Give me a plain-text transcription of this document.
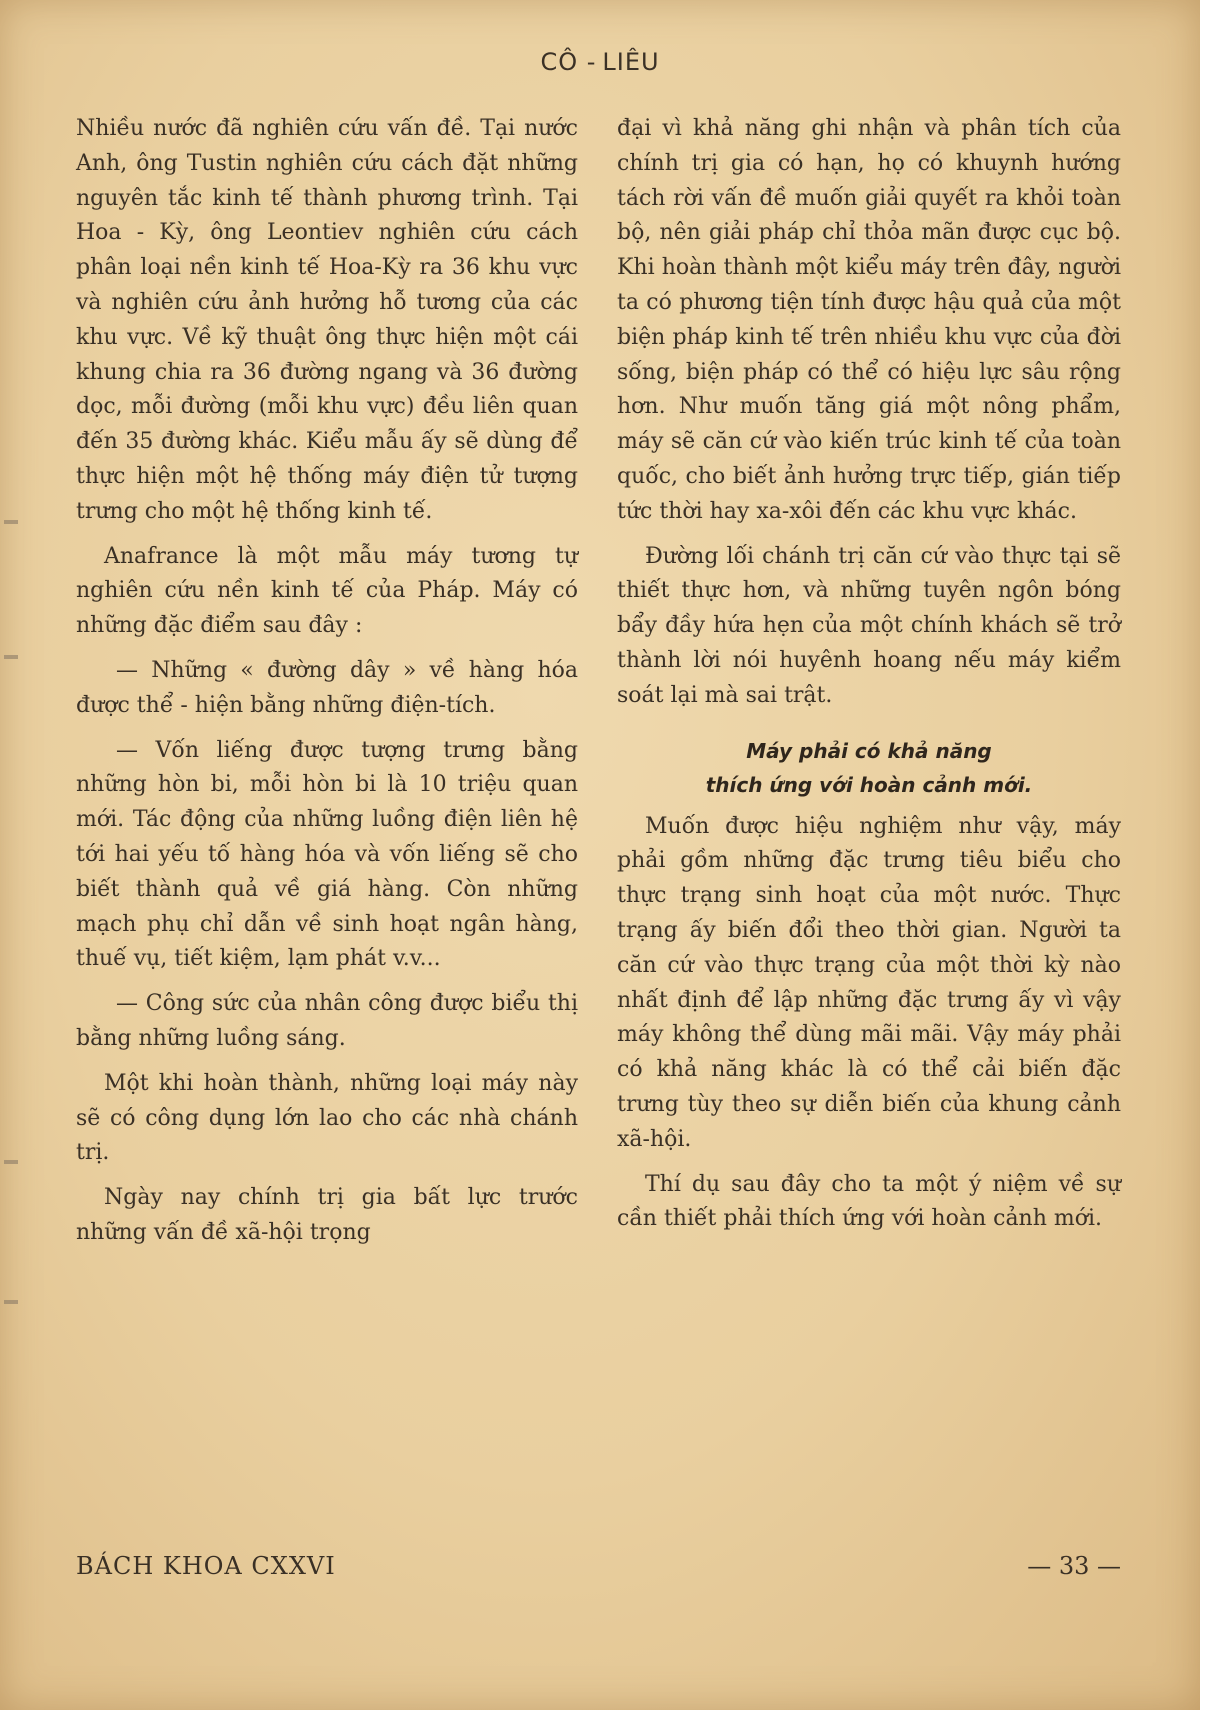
CÔ - LIÊU

Nhiều nước đã nghiên cứu vấn đề. Tại nước Anh, ông Tustin nghiên cứu cách đặt những nguyên tắc kinh tế thành phương trình. Tại Hoa - Kỳ, ông Leontiev nghiên cứu cách phân loại nền kinh tế Hoa-Kỳ ra 36 khu vực và nghiên cứu ảnh hưởng hỗ tương của các khu vực. Về kỹ thuật ông thực hiện một cái khung chia ra 36 đường ngang và 36 đường dọc, mỗi đường (mỗi khu vực) đều liên quan đến 35 đường khác. Kiểu mẫu ấy sẽ dùng để thực hiện một hệ thống máy điện tử tượng trưng cho một hệ thống kinh tế.

Anafrance là một mẫu máy tương tự nghiên cứu nền kinh tế của Pháp. Máy có những đặc điểm sau đây :

— Những « đường dây » về hàng hóa được thể - hiện bằng những điện-tích.

— Vốn liếng được tượng trưng bằng những hòn bi, mỗi hòn bi là 10 triệu quan mới. Tác động của những luồng điện liên hệ tới hai yếu tố hàng hóa và vốn liếng sẽ cho biết thành quả về giá hàng. Còn những mạch phụ chỉ dẫn về sinh hoạt ngân hàng, thuế vụ, tiết kiệm, lạm phát v.v...

— Công sức của nhân công được biểu thị bằng những luồng sáng.

Một khi hoàn thành, những loại máy này sẽ có công dụng lớn lao cho các nhà chánh trị.

Ngày nay chính trị gia bất lực trước những vấn đề xã-hội trọng

đại vì khả năng ghi nhận và phân tích của chính trị gia có hạn, họ có khuynh hướng tách rời vấn đề muốn giải quyết ra khỏi toàn bộ, nên giải pháp chỉ thỏa mãn được cục bộ. Khi hoàn thành một kiểu máy trên đây, người ta có phương tiện tính được hậu quả của một biện pháp kinh tế trên nhiều khu vực của đời sống, biện pháp có thể có hiệu lực sâu rộng hơn. Như muốn tăng giá một nông phẩm, máy sẽ căn cứ vào kiến trúc kinh tế của toàn quốc, cho biết ảnh hưởng trực tiếp, gián tiếp tức thời hay xa-xôi đến các khu vực khác.

Đường lối chánh trị căn cứ vào thực tại sẽ thiết thực hơn, và những tuyên ngôn bóng bẩy đầy hứa hẹn của một chính khách sẽ trở thành lời nói huyênh hoang nếu máy kiểm soát lại mà sai trật.

Máy phải có khả năng
thích ứng với hoàn cảnh mới.

Muốn được hiệu nghiệm như vậy, máy phải gồm những đặc trưng tiêu biểu cho thực trạng sinh hoạt của một nước. Thực trạng ấy biến đổi theo thời gian. Người ta căn cứ vào thực trạng của một thời kỳ nào nhất định để lập những đặc trưng ấy vì vậy máy không thể dùng mãi mãi. Vậy máy phải có khả năng khác là có thể cải biến đặc trưng tùy theo sự diễn biến của khung cảnh xã-hội.

Thí dụ sau đây cho ta một ý niệm về sự cần thiết phải thích ứng với hoàn cảnh mới.

BÁCH KHOA CXXVI	— 33 —
